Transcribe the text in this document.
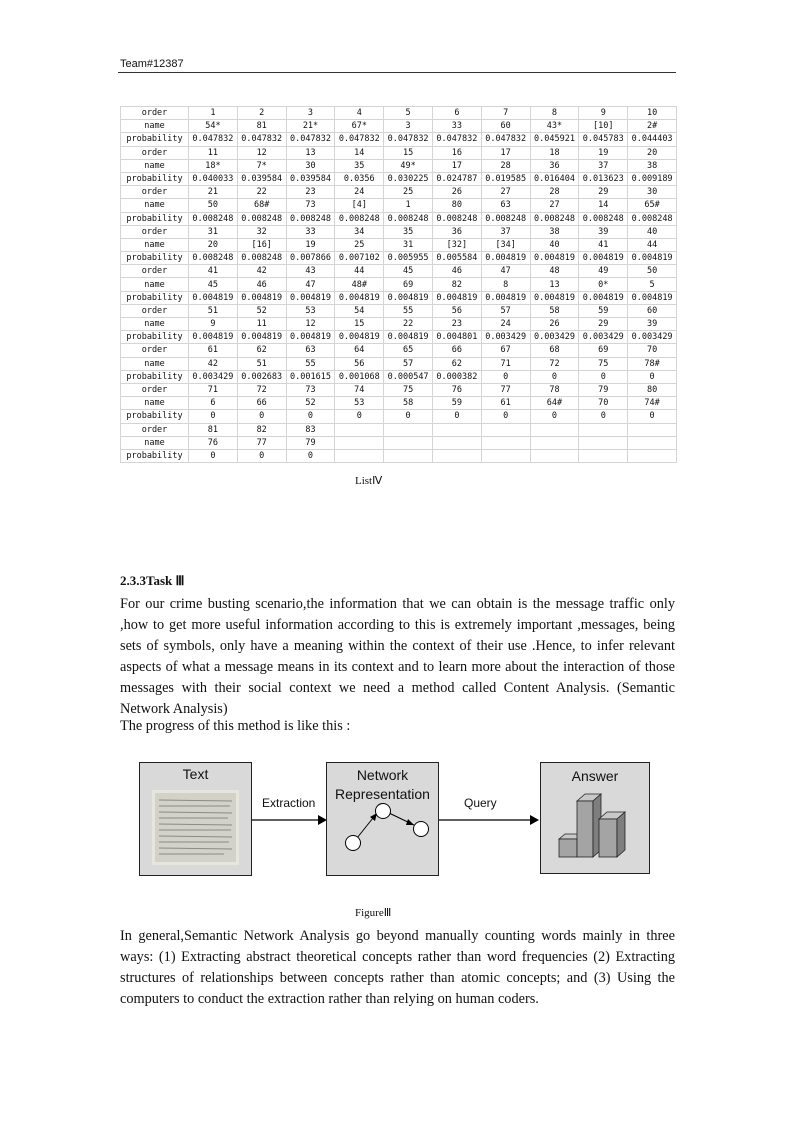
Team#12387
order	1	2	3	4	5	6	7	8	9	10
name	54*	81	21*	67*	3	33	60	43*	[10]	2#
probability	0.047832	0.047832	0.047832	0.047832	0.047832	0.047832	0.047832	0.045921	0.045783	0.044403
order	11	12	13	14	15	16	17	18	19	20
name	18*	7*	30	35	49*	17	28	36	37	38
probability	0.040033	0.039584	0.039584	0.0356	0.030225	0.024787	0.019585	0.016404	0.013623	0.009189
order	21	22	23	24	25	26	27	28	29	30
name	50	68#	73	[4]	1	80	63	27	14	65#
probability	0.008248	0.008248	0.008248	0.008248	0.008248	0.008248	0.008248	0.008248	0.008248	0.008248
order	31	32	33	34	35	36	37	38	39	40
name	20	[16]	19	25	31	[32]	[34]	40	41	44
probability	0.008248	0.008248	0.007866	0.007102	0.005955	0.005584	0.004819	0.004819	0.004819	0.004819
order	41	42	43	44	45	46	47	48	49	50
name	45	46	47	48#	69	82	8	13	0*	5
probability	0.004819	0.004819	0.004819	0.004819	0.004819	0.004819	0.004819	0.004819	0.004819	0.004819
order	51	52	53	54	55	56	57	58	59	60
name	9	11	12	15	22	23	24	26	29	39
probability	0.004819	0.004819	0.004819	0.004819	0.004819	0.004801	0.003429	0.003429	0.003429	0.003429
order	61	62	63	64	65	66	67	68	69	70
name	42	51	55	56	57	62	71	72	75	78#
probability	0.003429	0.002683	0.001615	0.001068	0.000547	0.000382	0	0	0	0
order	71	72	73	74	75	76	77	78	79	80
name	6	66	52	53	58	59	61	64#	70	74#
probability	0	0	0	0	0	0	0	0	0	0
order	81	82	83							
name	76	77	79							
probability	0	0	0							
ListⅣ
2.3.3Task Ⅲ
For our crime busting scenario,the information that we can obtain is the message traffic only ,how to get more useful information according to this is extremely important ,messages, being sets of symbols, only have a meaning within the context of their use .Hence, to infer relevant aspects of what a message means in its context and to learn more about the interaction of those messages with their social context we need a method called Content Analysis. (Semantic Network Analysis)
The progress of this method is like this :
Text
Extraction
Network
Representation
Query
Answer
FigureⅢ
In general,Semantic Network Analysis go beyond manually counting words mainly in three ways: (1) Extracting abstract theoretical concepts rather than word frequencies (2) Extracting structures of relationships between concepts rather than atomic concepts; and (3) Using the computers to conduct the extraction rather than relying on human coders.
